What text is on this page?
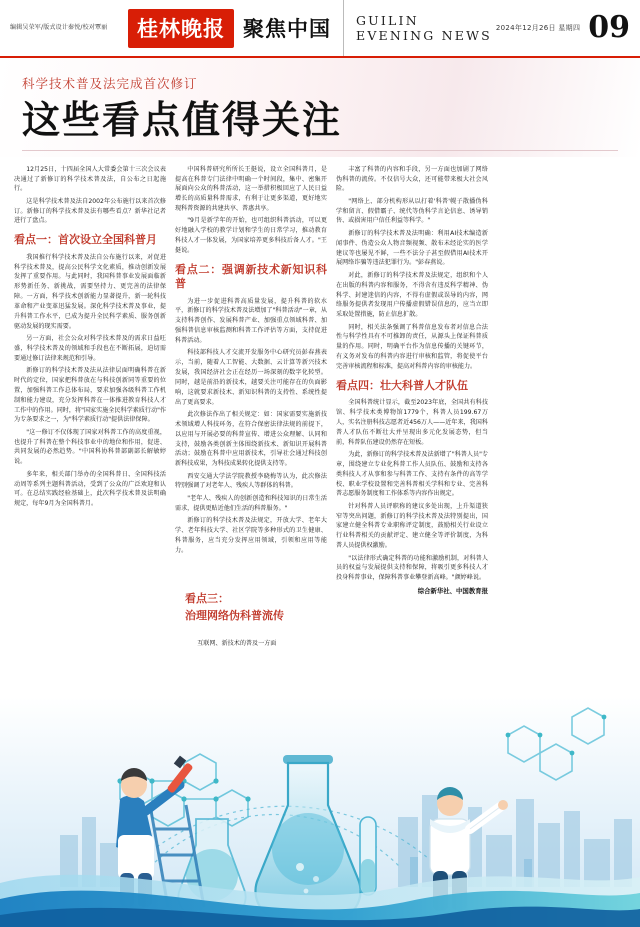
编辑吴荣军/版式设计秦悦/校对覃丽	桂林晚报 聚焦中国	GUILIN EVENING NEWS 2024年12月26日 星期四 09
科学技术普及法完成首次修订
这些看点值得关注

12月25日，十四届全国人大常委会第十三次会议表决通过了新修订的科学技术普及法，自公布之日起施行。

这是科学技术普及法自2002年公布施行以来首次修订。新修订的科学技术普及法有哪些看点？新华社记者进行了盘点。

看点一：首次设立全国科普月

我国推行科学技术普及法自公布施行以来，对促进科学技术普及，提高公民科学文化素质，推动创新发展发挥了重要作用。与此同时，我国科普事业发展面临新形势新任务、新挑战，需要坚持力、更完善的法律保障。一方面，科学技术创新能力显著提升，新一轮科技革命和产业变革迅猛发展。深化科学技术普及事业，提升科普工作水平，已成为提升全民科学素质、服务创新驱动发展的现实需要。

另一方面，社会公众对科学技术普及的需求日益旺盛，科学技术普及的领域和手段也在不断拓展，迫切需要通过修订法律来规范和引导。

新修订的科学技术普及法从法律层面明确科普在新时代的定位，国家把科普放在与科技创新同等重要的位置，加强科普工作总体布局，要求加强各级科普工作机制和能力建设，充分发挥科普在一体推进教育科技人才工作中的作用。同时，将"国家实施全民科学素质行动"作为专条要求之一，为"科学素质行动"提供法律保障。

"这一修订不仅体现了国家对科普工作的高度重视，也提升了科普在整个科技事业中的地位和作用，促进、共同发展的必然趋势。"中国科协科普部副部长解敏婷说。

多年来，相关部门举办的全国科普日、全国科技活动周等系列主题科普活动，受到了公众的广泛欢迎和认可。在总结实践经验基础上，此次科学技术普及法明确规定，每年9月为全国科普月。

中国科普研究所所长王挺说，设立全国科普月，是提高在科普专门法律中明确一个时间段，集中、密集开展面向公众的科普活动，这一举措积极回应了人民日益增长的高质量科普需求，有利于让更多渠道，更好地实现科普资源的共建共享、普惠共享。

"9月是新学年的开始，也可组织科普活动，可以更好地融入学校的教学计划和学生的日常学习，推动教育科技人才一体发展，为国家培养更多科技后备人才。"王挺说。

看点二：强调新技术新知识科普

为进一步促进科普高质量发展，提升科普的软水平，新修订的科学技术普及法增加了"科普活动"一章，从支持科普创作、发展科普产业、加强重点领域科普、加强科普信息审核监测和科普工作评估等方面，支持促进科普活动。

科技部科技人才交流开发服务中心研究员彭春燕表示，当前，随着人工智能、大数据、云计算等新兴技术发展，我国经济社会正在经历一场深刻的数字化转型。同时，越是前沿的新技术，越要关注可能存在的负面影响，这就要求新技术、新知识科普的支持性、系统性提出了更高要求。

此次修法作出了相关规定：如：国家需要实施新技术领域增人科技环务，在符合保密法律法规的前提下，以应用与开展必要的科普宣传、增进公众理解、认同和支持，鼓励各类创新主体围绕新技术、新知识开展科普活动；鼓励在科普中应用新技术，引导社会通过科技创新科技成果，为科技成果转化提供支持等。

西安交通大学法学院教授李晓梅等认为，此次修法特别强调了对老年人、残疾人等群体的科普。

"老年人、残疾人的创新创造和科技知识的日常生活需求，提供更贴近他们生活的科普服务。"

新修订的科学技术普及法规定，开放大学、老年大学、老年科技大学、社区学院等多种形式的卫生健康、科普服务，应当充分发挥应用领域，引领和应用等能力。

丰富了科普的内容和手段，另一方面也加剧了网络伪科普的流传。不仅信号大众，还可能带来极大社会风险。

"网络上、部分机构形从以打着'科普'幌子散播伪科学和留言、假借霸子、统代等伪科学言论信息、诱导销售、或损害用户信任利益等科学。"

新修订的科学技术普及法明确：利用AI技术编造新闻事件、伪造公众人物音频视频、散布未经论实的医学建议等也屡见不鲜，一些不法分子甚至假借用AI技术开展网络诈骗等违法犯罪行为。"彭春燕说。

对此，新修订的科学技术普及法规定，组织和个人在出版的科普内容和服务，不得含有违反科学精神、伪科学、封建迷信的内容，不得有虚假或误导的内容，网络服务提供者发现用户传播虚假错误信息的，应当立即采取处置措施，防止信息扩散。

同时，相关法条强调了科普信息发布者对信息合法性与科学性具有不可推卸的责任，从源头上保证科普质量的作用。同时，明确平台作为信息传播的关键环节，有义务对发布的科普内容进行审核和监管，将促使平台完善审核流程和标准，提高对科普内容的审核能力。

看点四：壮大科普人才队伍

全国科普统计显示，截至2023年底，全国共有科技馆、科学技术类博物馆1779个，科普人员199.67万人，实名注册科技志愿者近456万人——近年来，我国科普人才队伍不断壮大并呈现出多元化发展态势，但当前，科普队伍建设仍然存在短板。

为此，新修订的科学技术普及法新增了"科普人员"专章，围绕建立专业化科普工作人员队伍、鼓励和支持各类科技人才从事和参与科普工作、支持有条件的高等学校、职业学校设置和完善科普相关学科和专业、完善科普志愿服务制度和工作体系等内容作出规定。

针对科普人员评职称的建议多处出现，上升渠道狭窄等突出问题，新修订的科学技术普及法特别提出，国家建立健全科普专业职称评定制度，鼓励相关行业设立行业科普相关的贡献评定、建立健全等评价制度，为科普人员提供权激励。

"以法律形式确定科普的功能和激励机制，对科普人员的权益与发展提供支持和保障，将吸引更多科技人才投身科普事业，保障科普事业攀登新高峰。"颜婷峰说。

综合新华社、中国教育报

看点三：
治理网络伪科普流传
互联网、新技术的普及一方面
